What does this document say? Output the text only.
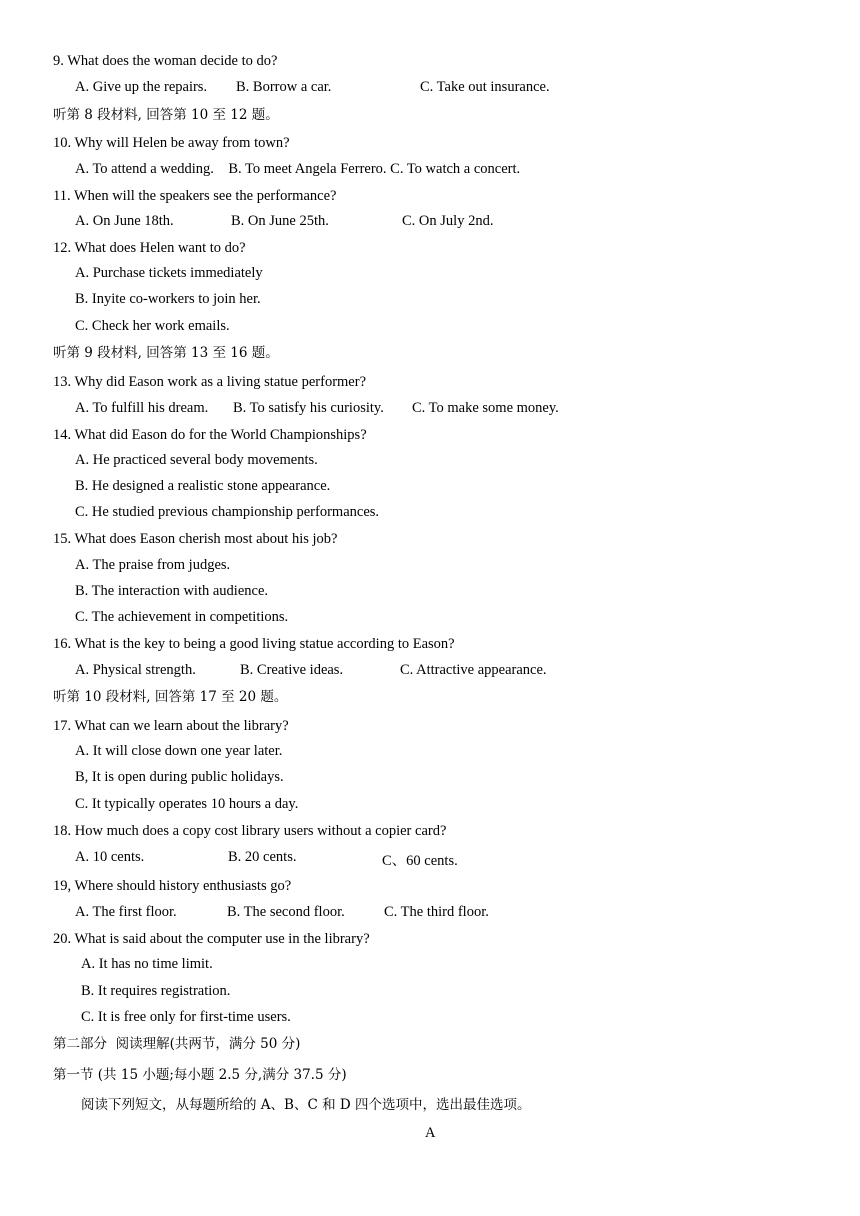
9. What does the woman decide to do?
A. Give up the repairs. B. Borrow a car.	C. Take out insurance.
听第 8 段材料, 回答第 10 至 12 题。
10. Why will Helen be away from town?
A. To attend a wedding.    B. To meet Angela Ferrero. C. To watch a concert.
11. When will the speakers see the performance?
A. On June 18th.	B. On June 25th.	C. On July 2nd.
12. What does Helen want to do?
A. Purchase tickets immediately
B. Inyite co-workers to join her.
C. Check her work emails.
听第 9 段材料, 回答第 13 至 16 题。
13. Why did Eason work as a living statue performer?
A. To fulfill his dream. B. To satisfy his curiosity. C. To make some money.
14. What did Eason do for the World Championships?
A. He practiced several body movements.
B. He designed a realistic stone appearance.
C. He studied previous championship performances.
15. What does Eason cherish most about his job?
A. The praise from judges.
B. The interaction with audience.
C. The achievement in competitions.
16. What is the key to being a good living statue according to Eason?
A. Physical strength.	B. Creative ideas.	C. Attractive appearance.
听第 10 段材料, 回答第 17 至 20 题。
17. What can we learn about the library?
A. It will close down one year later.
B, It is open during public holidays.
C. It typically operates 10 hours a day.
18. How much does a copy cost library users without a copier card?
A. 10 cents.	B. 20 cents.	C、60 cents.
19, Where should history enthusiasts go?
A. The first floor.	B. The second floor.	C. The third floor.
20. What is said about the computer use in the library?
A. It has no time limit.
B. It requires registration.
C. It is free only for first-time users.
第二部分  阅读理解(共两节，满分 50 分)
第一节 (共 15 小题;每小题 2.5 分,满分 37.5 分)
阅读下列短文，从每题所给的 A、B、C 和 D 四个选项中，选出最佳选项。
A
